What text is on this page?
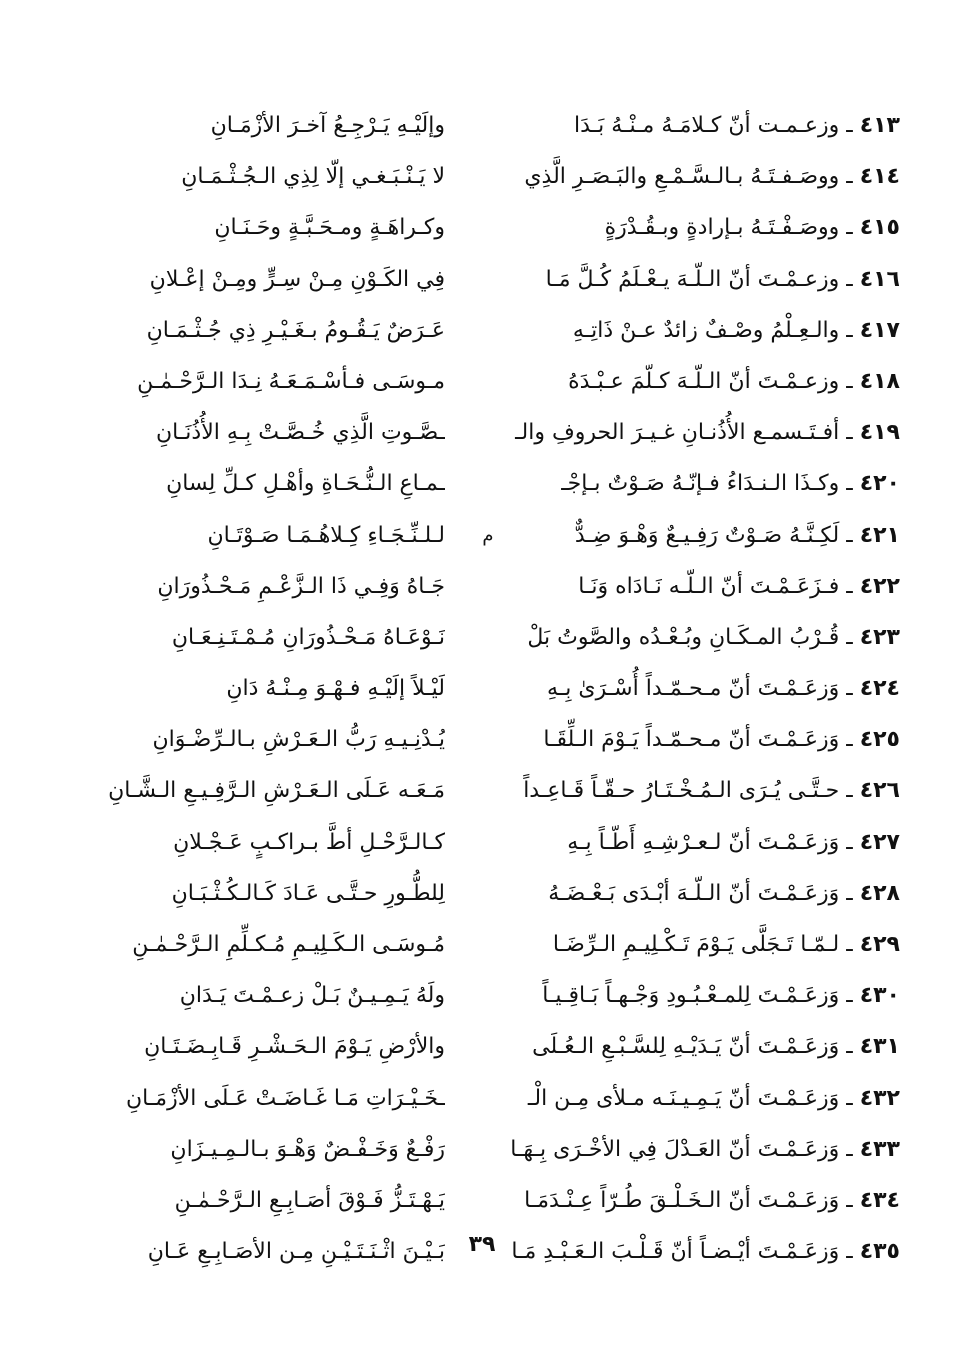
٤١٣ ـ وزعـمـت أنّ كـلامَـهُ مـنْـهُ بَـدَا
وإلَيْـهِ يَـرْجِـعُ آخـرَ الأزْمَـانِ
٤١٤ ـ ووصَـفـتَـهُ بـالـسَّـمْـعِ والبَـصَـرِ الَّذِي
لا يَـنْـبَـغـي إلّا لِذِي الـجُـثْـمَـانِ
٤١٥ ـ ووصَـفْـتَـهُ بـإرادةٍ وبـقُـدْرَةٍ
وكـراهَـةٍ ومـحَـبَّـةٍ وحَـنَـانِ
٤١٦ ـ وزعـمْـتَ أنّ الـلّـهَ يـعْـلَمُ كُـلَّ مَـا
فِي الكَـوْنِ مِـنْ سِـرٍّ ومِـنْ إعْـلانِ
٤١٧ ـ والـعِـلْمُ وصْـفٌ زائدٌ عـنْ ذَاتِـهِ
عَـرَضٌ يَـقُـومُ بـغَـيْـرِ ذِي جُـثْـمَـانِ
٤١٨ ـ وزعـمْـتَ أنّ الـلّـهَ كـلّمَ عـبْـدَهُ
مـوسَـى فـأسْـمَـعَـهُ نِـدَا الـرَّحْـمٰـنِ
٤١٩ ـ أفـتَـسمـع الأُذُنـانِ غـيـرَ الحروفِ والـ
ـصَّـوتِ الَّذِي خُـصَّـتْ بِـهِ الأُذُنَـانِ
٤٢٠ ـ وكـذَا الـنـدَاءُ فـإنّـهُ صَـوْتٌ بـإجْـ
ـمـاعِ الـنُّـحَـاةِ وأهْـلِ كـلِّ لِسانِ
٤٢١ ـ لَكِـنَّـهُ صَـوْتٌ رَفِـيـعٌ وَهْـوَ ضِـدٌّ
م
لـلـنِّـجَـاءِ كِـلاهُـمَـا صَـوْتَـانِ
٤٢٢ ـ فـزَعَـمْـتَ أنّ الـلّـه نَـادَاه وَنَـا
جَـاهُ وَفِـي ذَا الـزَّعْـمِ مَـحْـذُورَانِ
٤٢٣ ـ قُـرْبُ المـكَـانِ وبُـعْـدُه والصَّوتُ بَلْ
نَـوْعَـاهُ مَـحْـذُورَانِ مُـمْـتَـنِـعَـانِ
٤٢٤ ـ وَزعَـمْـتَ أنّ مـحـمّـداً أُسْـرَىٰ بِـهِ
لَيْـلاً إلَيْـهِ فـهْـوَ مِـنْـهُ دَانِ
٤٢٥ ـ وَزعَـمْـتَ أنّ مـحـمّـداً يَـوْمَ الـلِّقَـا
يُـدْنِـيـهِ رَبُّ الـعَـرْشِ بـالـرِّضْـوَانِ
٤٢٦ ـ حـتَّـى يُـرَى الـمُـخْـتَـارُ حـقّـاً قَـاعِـداً
مَـعَـه عَـلَى الـعَـرْشِ الـرَّفِـيـعِ الـشَّـانِ
٤٢٧ ـ وَزعَـمْـتَ أنّ لـعـرْشِـهِ أَطّـاً بِـهِ
كـالـرَّحْـلِ أطَّ بـراكـبٍ عَـجْـلانِ
٤٢٨ ـ وَزعَـمْـتَ أنّ الـلّـهَ أبْـدَى بَـعْـضَـهُ
لِلطُّـورِ حـتَّـى عَـادَ كَـالـكُـثْـبَـانِ
٤٢٩ ـ لـمّـا تَـجَلَّى يَـوْمَ تَـكْـلِيـمِ الـرِّضَـا
مُـوسَـى الـكَـلِيـمِ مُـكـلِّمِ الـرَّحْـمٰـنِ
٤٣٠ ـ وَزعَـمْـتَ لِلمـعْـبُـودِ وَجْـهـاً بَـاقِـيـاً
ولَهُ يَـمِـيـنٌ بَـلْ زعـمْـتَ يَـدَانِ
٤٣١ ـ وَزعَـمْـتَ أنّ يَـدَيْـهِ لِلسَّـبْـعِ الـعُـلَى
والأرْضِ يَـوْمَ الـحَـشْـرِ قَـابِـضَـتَـانِ
٤٣٢ ـ وَزعَـمْـتَ أنّ يَـمِـيـنَـه مـلأى مِـن الْـ
ـخَـيْـرَاتِ مَـا غَـاضَـتْ عَـلَى الأزْمَـانِ
٤٣٣ ـ وَزعَـمْـتَ أنّ العَـدْلَ فِي الأخْـرَى بِـهَـا
رَفْـعٌ وَخَـفْـضٌ وَهْـوَ بـالـمِـيـزَانِ
٤٣٤ ـ وَزعَـمْـتَ أنّ الـخَـلْـقَ طُـرّاً عِـنْـدَمَـا
يَـهْـتَـزُّ فَـوْقَ أصَـابِـعِ الـرَّحْـمٰـنِ
٤٣٥ ـ وَزعَـمْـتَ أيْـضـاً أنّ قَـلْـبَ الـعَـبْـدِ مَـا
بَـيْـنَ اثْـنَـتَـيْـنِ مِـن الأصَـابِـعِ عَـانِ	٣٩
